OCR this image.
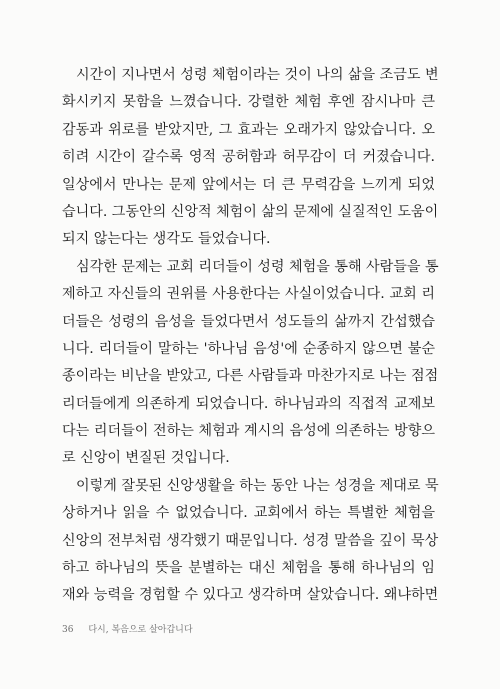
시간이 지나면서 성령 체험이라는 것이 나의 삶을 조금도 변
화시키지 못함을 느꼈습니다. 강렬한 체험 후엔 잠시나마 큰
감동과 위로를 받았지만, 그 효과는 오래가지 않았습니다. 오
히려 시간이 갈수록 영적 공허함과 허무감이 더 커졌습니다.
일상에서 만나는 문제 앞에서는 더 큰 무력감을 느끼게 되었
습니다. 그동안의 신앙적 체험이 삶의 문제에 실질적인 도움이
되지 않는다는 생각도 들었습니다.
심각한 문제는 교회 리더들이 성령 체험을 통해 사람들을 통
제하고 자신들의 권위를 사용한다는 사실이었습니다. 교회 리
더들은 성령의 음성을 들었다면서 성도들의 삶까지 간섭했습
니다. 리더들이 말하는 '하나님 음성'에 순종하지 않으면 불순
종이라는 비난을 받았고, 다른 사람들과 마찬가지로 나는 점점
리더들에게 의존하게 되었습니다. 하나님과의 직접적 교제보
다는 리더들이 전하는 체험과 계시의 음성에 의존하는 방향으
로 신앙이 변질된 것입니다.
이렇게 잘못된 신앙생활을 하는 동안 나는 성경을 제대로 묵
상하거나 읽을 수 없었습니다. 교회에서 하는 특별한 체험을
신앙의 전부처럼 생각했기 때문입니다. 성경 말씀을 깊이 묵상
하고 하나님의 뜻을 분별하는 대신 체험을 통해 하나님의 임
재와 능력을 경험할 수 있다고 생각하며 살았습니다. 왜냐하면
36 다시, 복음으로 살아갑니다
